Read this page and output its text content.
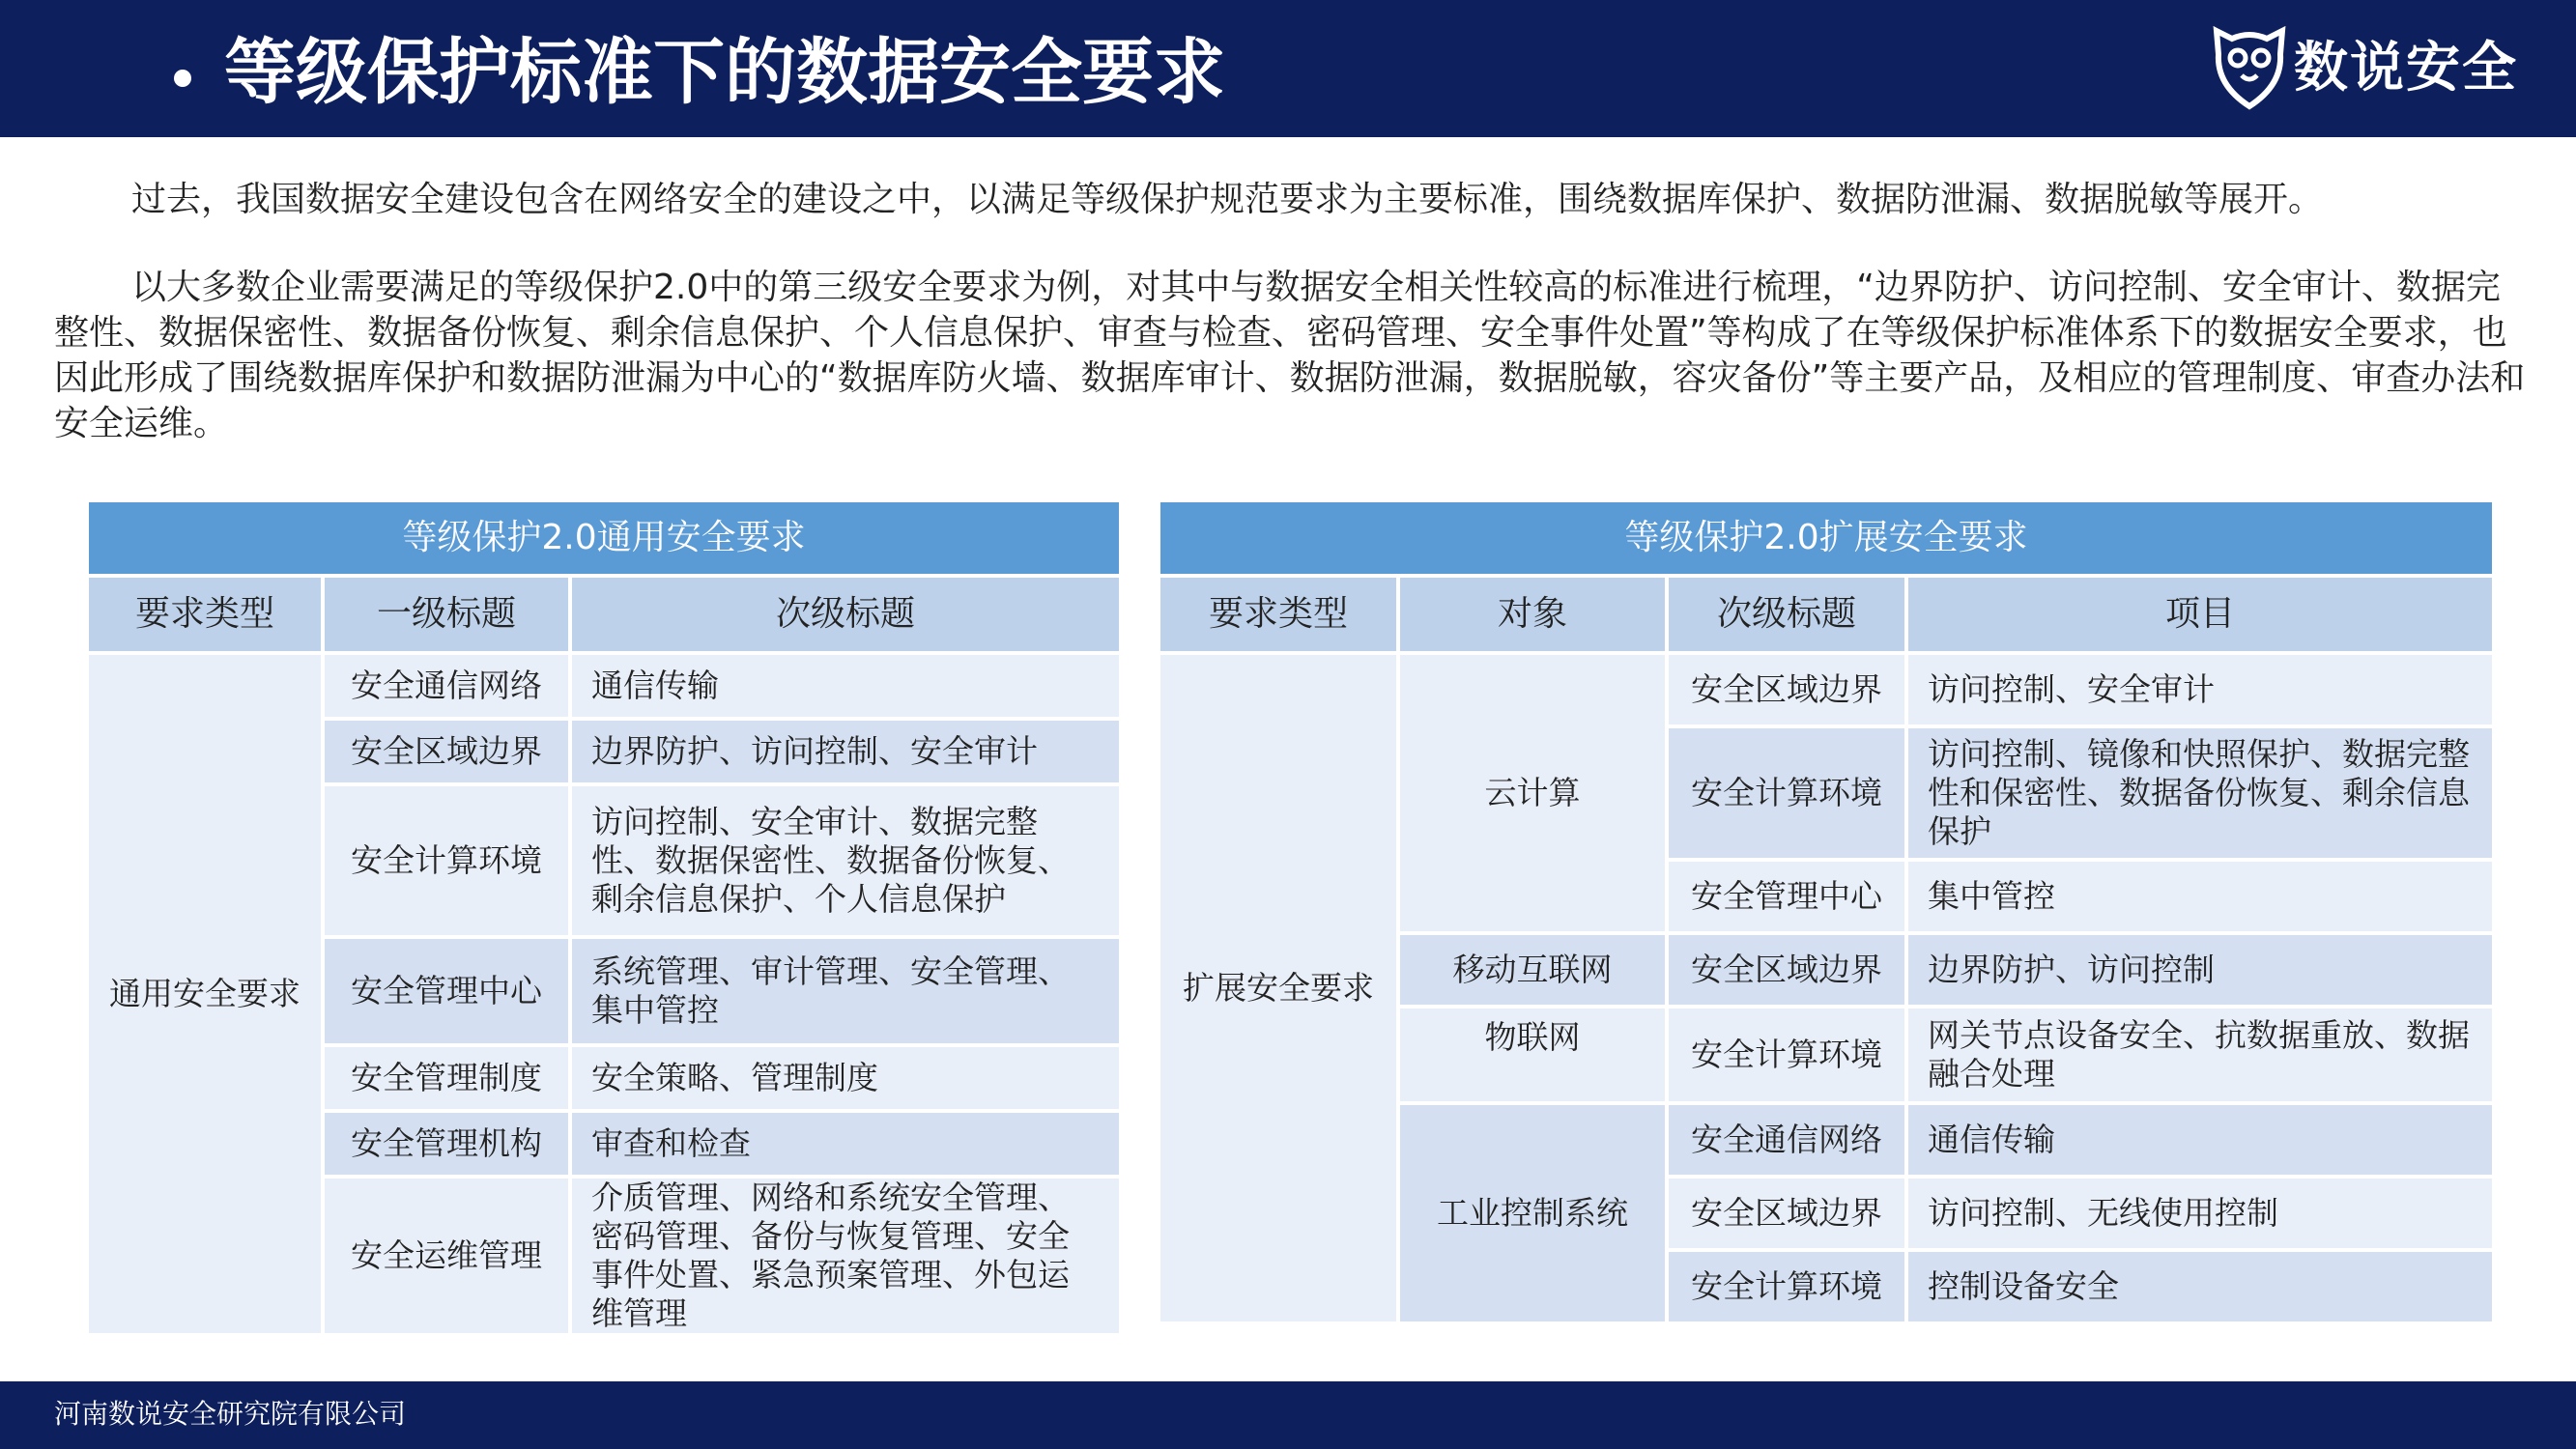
等级保护标准下的数据安全要求	数说安全
过去，我国数据安全建设包含在网络安全的建设之中，以满足等级保护规范要求为主要标准，围绕数据库保护、数据防泄漏、数据脱敏等展开。
以大多数企业需要满足的等级保护2.0中的第三级安全要求为例，对其中与数据安全相关性较高的标准进行梳理，“边界防护、访问控制、安全审计、数据完整性、数据保密性、数据备份恢复、剩余信息保护、个人信息保护、审查与检查、密码管理、安全事件处置”等构成了在等级保护标准体系下的数据安全要求，也因此形成了围绕数据库保护和数据防泄漏为中心的“数据库防火墙、数据库审计、数据防泄漏，数据脱敏，容灾备份”等主要产品，及相应的管理制度、审查办法和安全运维。
等级保护2.0通用安全要求		
要求类型	一级标题	次级标题
通用安全要求	安全通信网络	通信传输
	安全区域边界	边界防护、访问控制、安全审计
	安全计算环境	访问控制、安全审计、数据完整性、数据保密性、数据备份恢复、剩余信息保护、个人信息保护
	安全管理中心	系统管理、审计管理、安全管理、集中管控
	安全管理制度	安全策略、管理制度
	安全管理机构	审查和检查
	安全运维管理	介质管理、网络和系统安全管理、密码管理、备份与恢复管理、安全事件处置、紧急预案管理、外包运维管理
等级保护2.0扩展安全要求			
要求类型	对象	次级标题	项目
扩展安全要求	云计算	安全区域边界	访问控制、安全审计
		安全计算环境	访问控制、镜像和快照保护、数据完整性和保密性、数据备份恢复、剩余信息保护
		安全管理中心	集中管控
	移动互联网	安全区域边界	边界防护、访问控制
	物联网	安全计算环境	网关节点设备安全、抗数据重放、数据融合处理
	工业控制系统	安全通信网络	通信传输
		安全区域边界	访问控制、无线使用控制
		安全计算环境	控制设备安全
河南数说安全研究院有限公司
